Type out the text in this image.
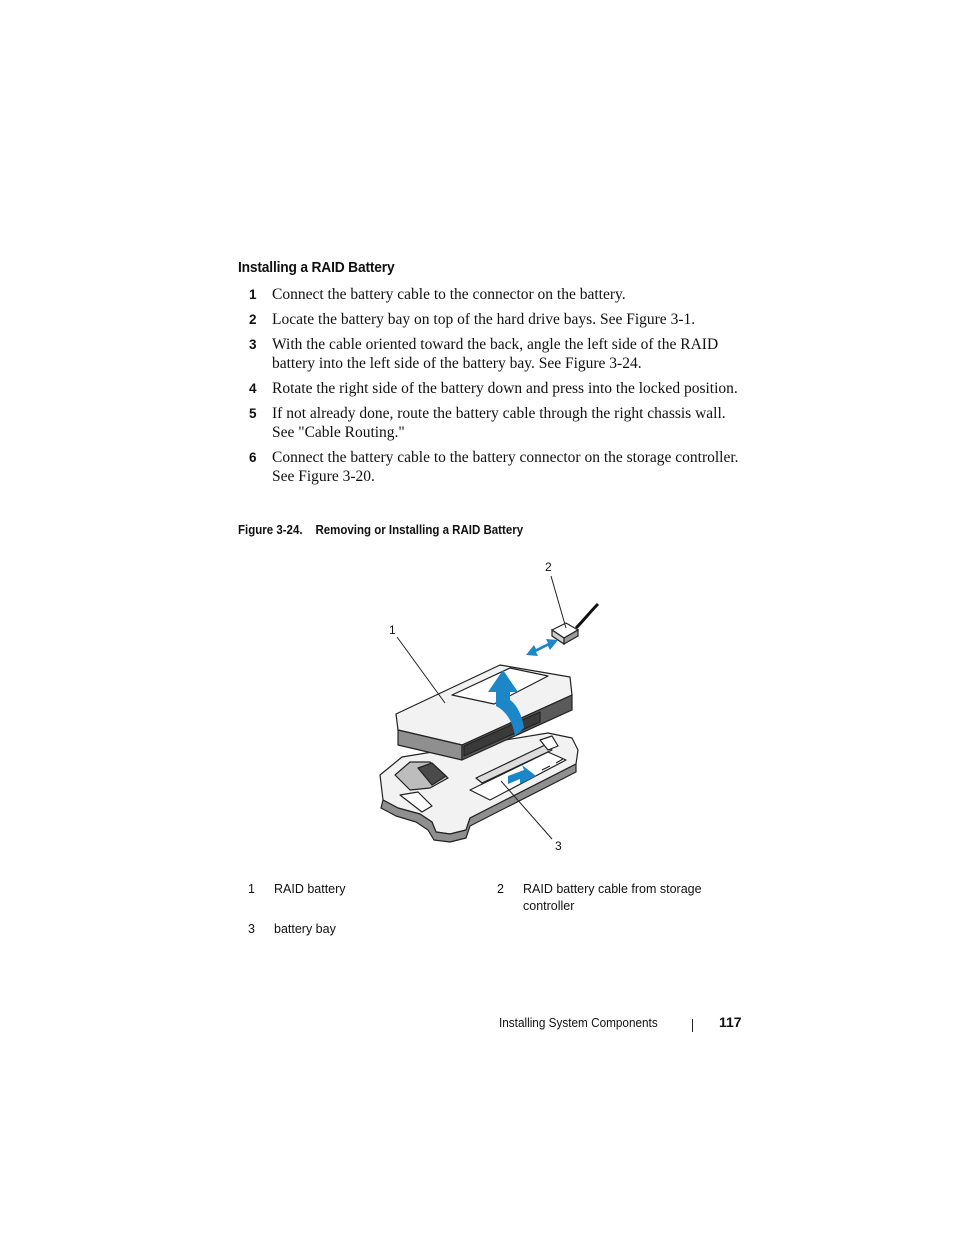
Installing a RAID Battery
1 Connect the battery cable to the connector on the battery.
2 Locate the battery bay on top of the hard drive bays. See Figure 3-1.
3 With the cable oriented toward the back, angle the left side of the RAID battery into the left side of the battery bay. See Figure 3-24.
4 Rotate the right side of the battery down and press into the locked position.
5 If not already done, route the battery cable through the right chassis wall. See "Cable Routing."
6 Connect the battery cable to the battery connector on the storage controller. See Figure 3-20.
Figure 3-24. Removing or Installing a RAID Battery
2
1
3
1 RAID battery	2 RAID battery cable from storage controller
3 battery bay
Installing System Components	117
